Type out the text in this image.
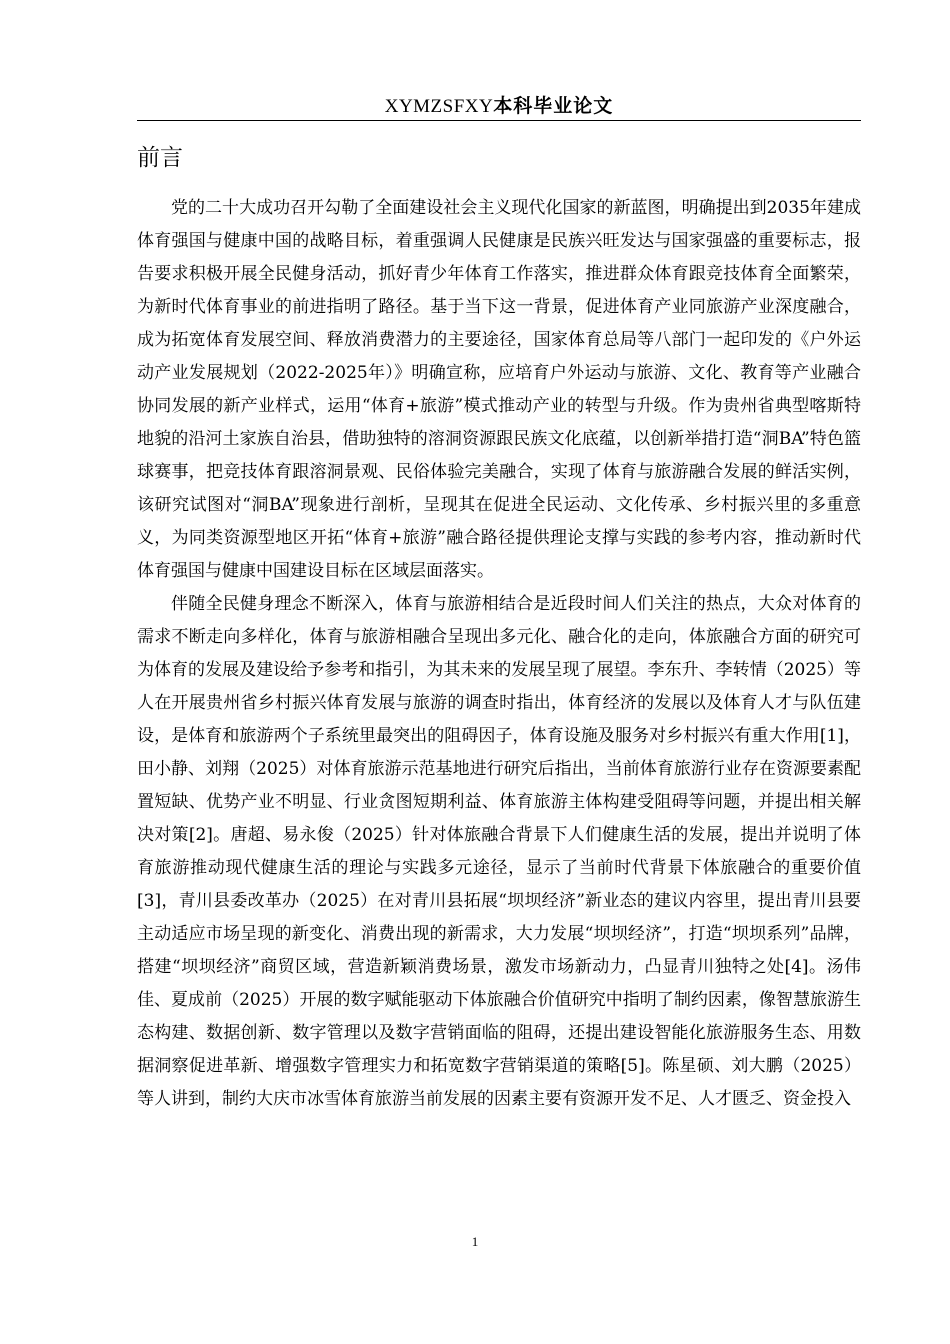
XYMZSFXY本科毕业论文
前言

党的二十大成功召开勾勒了全面建设社会主义现代化国家的新蓝图，明确提出到2035年建成体育强国与健康中国的战略目标，着重强调人民健康是民族兴旺发达与国家强盛的重要标志，报告要求积极开展全民健身活动，抓好青少年体育工作落实，推进群众体育跟竞技体育全面繁荣，为新时代体育事业的前进指明了路径。基于当下这一背景，促进体育产业同旅游产业深度融合，成为拓宽体育发展空间、释放消费潜力的主要途径，国家体育总局等八部门一起印发的《户外运动产业发展规划（2022-2025年）》明确宣称，应培育户外运动与旅游、文化、教育等产业融合协同发展的新产业样式，运用“体育+旅游”模式推动产业的转型与升级。作为贵州省典型喀斯特地貌的沿河土家族自治县，借助独特的溶洞资源跟民族文化底蕴，以创新举措打造“洞BA”特色篮球赛事，把竞技体育跟溶洞景观、民俗体验完美融合，实现了体育与旅游融合发展的鲜活实例，该研究试图对“洞BA”现象进行剖析，呈现其在促进全民运动、文化传承、乡村振兴里的多重意义，为同类资源型地区开拓“体育+旅游”融合路径提供理论支撑与实践的参考内容，推动新时代体育强国与健康中国建设目标在区域层面落实。

伴随全民健身理念不断深入，体育与旅游相结合是近段时间人们关注的热点，大众对体育的需求不断走向多样化，体育与旅游相融合呈现出多元化、融合化的走向，体旅融合方面的研究可为体育的发展及建设给予参考和指引，为其未来的发展呈现了展望。李东升、李转情（2025）等人在开展贵州省乡村振兴体育发展与旅游的调查时指出，体育经济的发展以及体育人才与队伍建设，是体育和旅游两个子系统里最突出的阻碍因子，体育设施及服务对乡村振兴有重大作用[1]，田小静、刘翔（2025）对体育旅游示范基地进行研究后指出，当前体育旅游行业存在资源要素配置短缺、优势产业不明显、行业贪图短期利益、体育旅游主体构建受阻碍等问题，并提出相关解决对策[2]。唐超、易永俊（2025）针对体旅融合背景下人们健康生活的发展，提出并说明了体育旅游推动现代健康生活的理论与实践多元途径，显示了当前时代背景下体旅融合的重要价值[3]，青川县委改革办（2025）在对青川县拓展“坝坝经济”新业态的建议内容里，提出青川县要主动适应市场呈现的新变化、消费出现的新需求，大力发展“坝坝经济”，打造“坝坝系列”品牌，搭建“坝坝经济”商贸区域，营造新颖消费场景，激发市场新动力，凸显青川独特之处[4]。汤伟佳、夏成前（2025）开展的数字赋能驱动下体旅融合价值研究中指明了制约因素，像智慧旅游生态构建、数据创新、数字管理以及数字营销面临的阻碍，还提出建设智能化旅游服务生态、用数据洞察促进革新、增强数字管理实力和拓宽数字营销渠道的策略[5]。陈星硕、刘大鹏（2025）等人讲到，制约大庆市冰雪体育旅游当前发展的因素主要有资源开发不足、人才匮乏、资金投入

1
